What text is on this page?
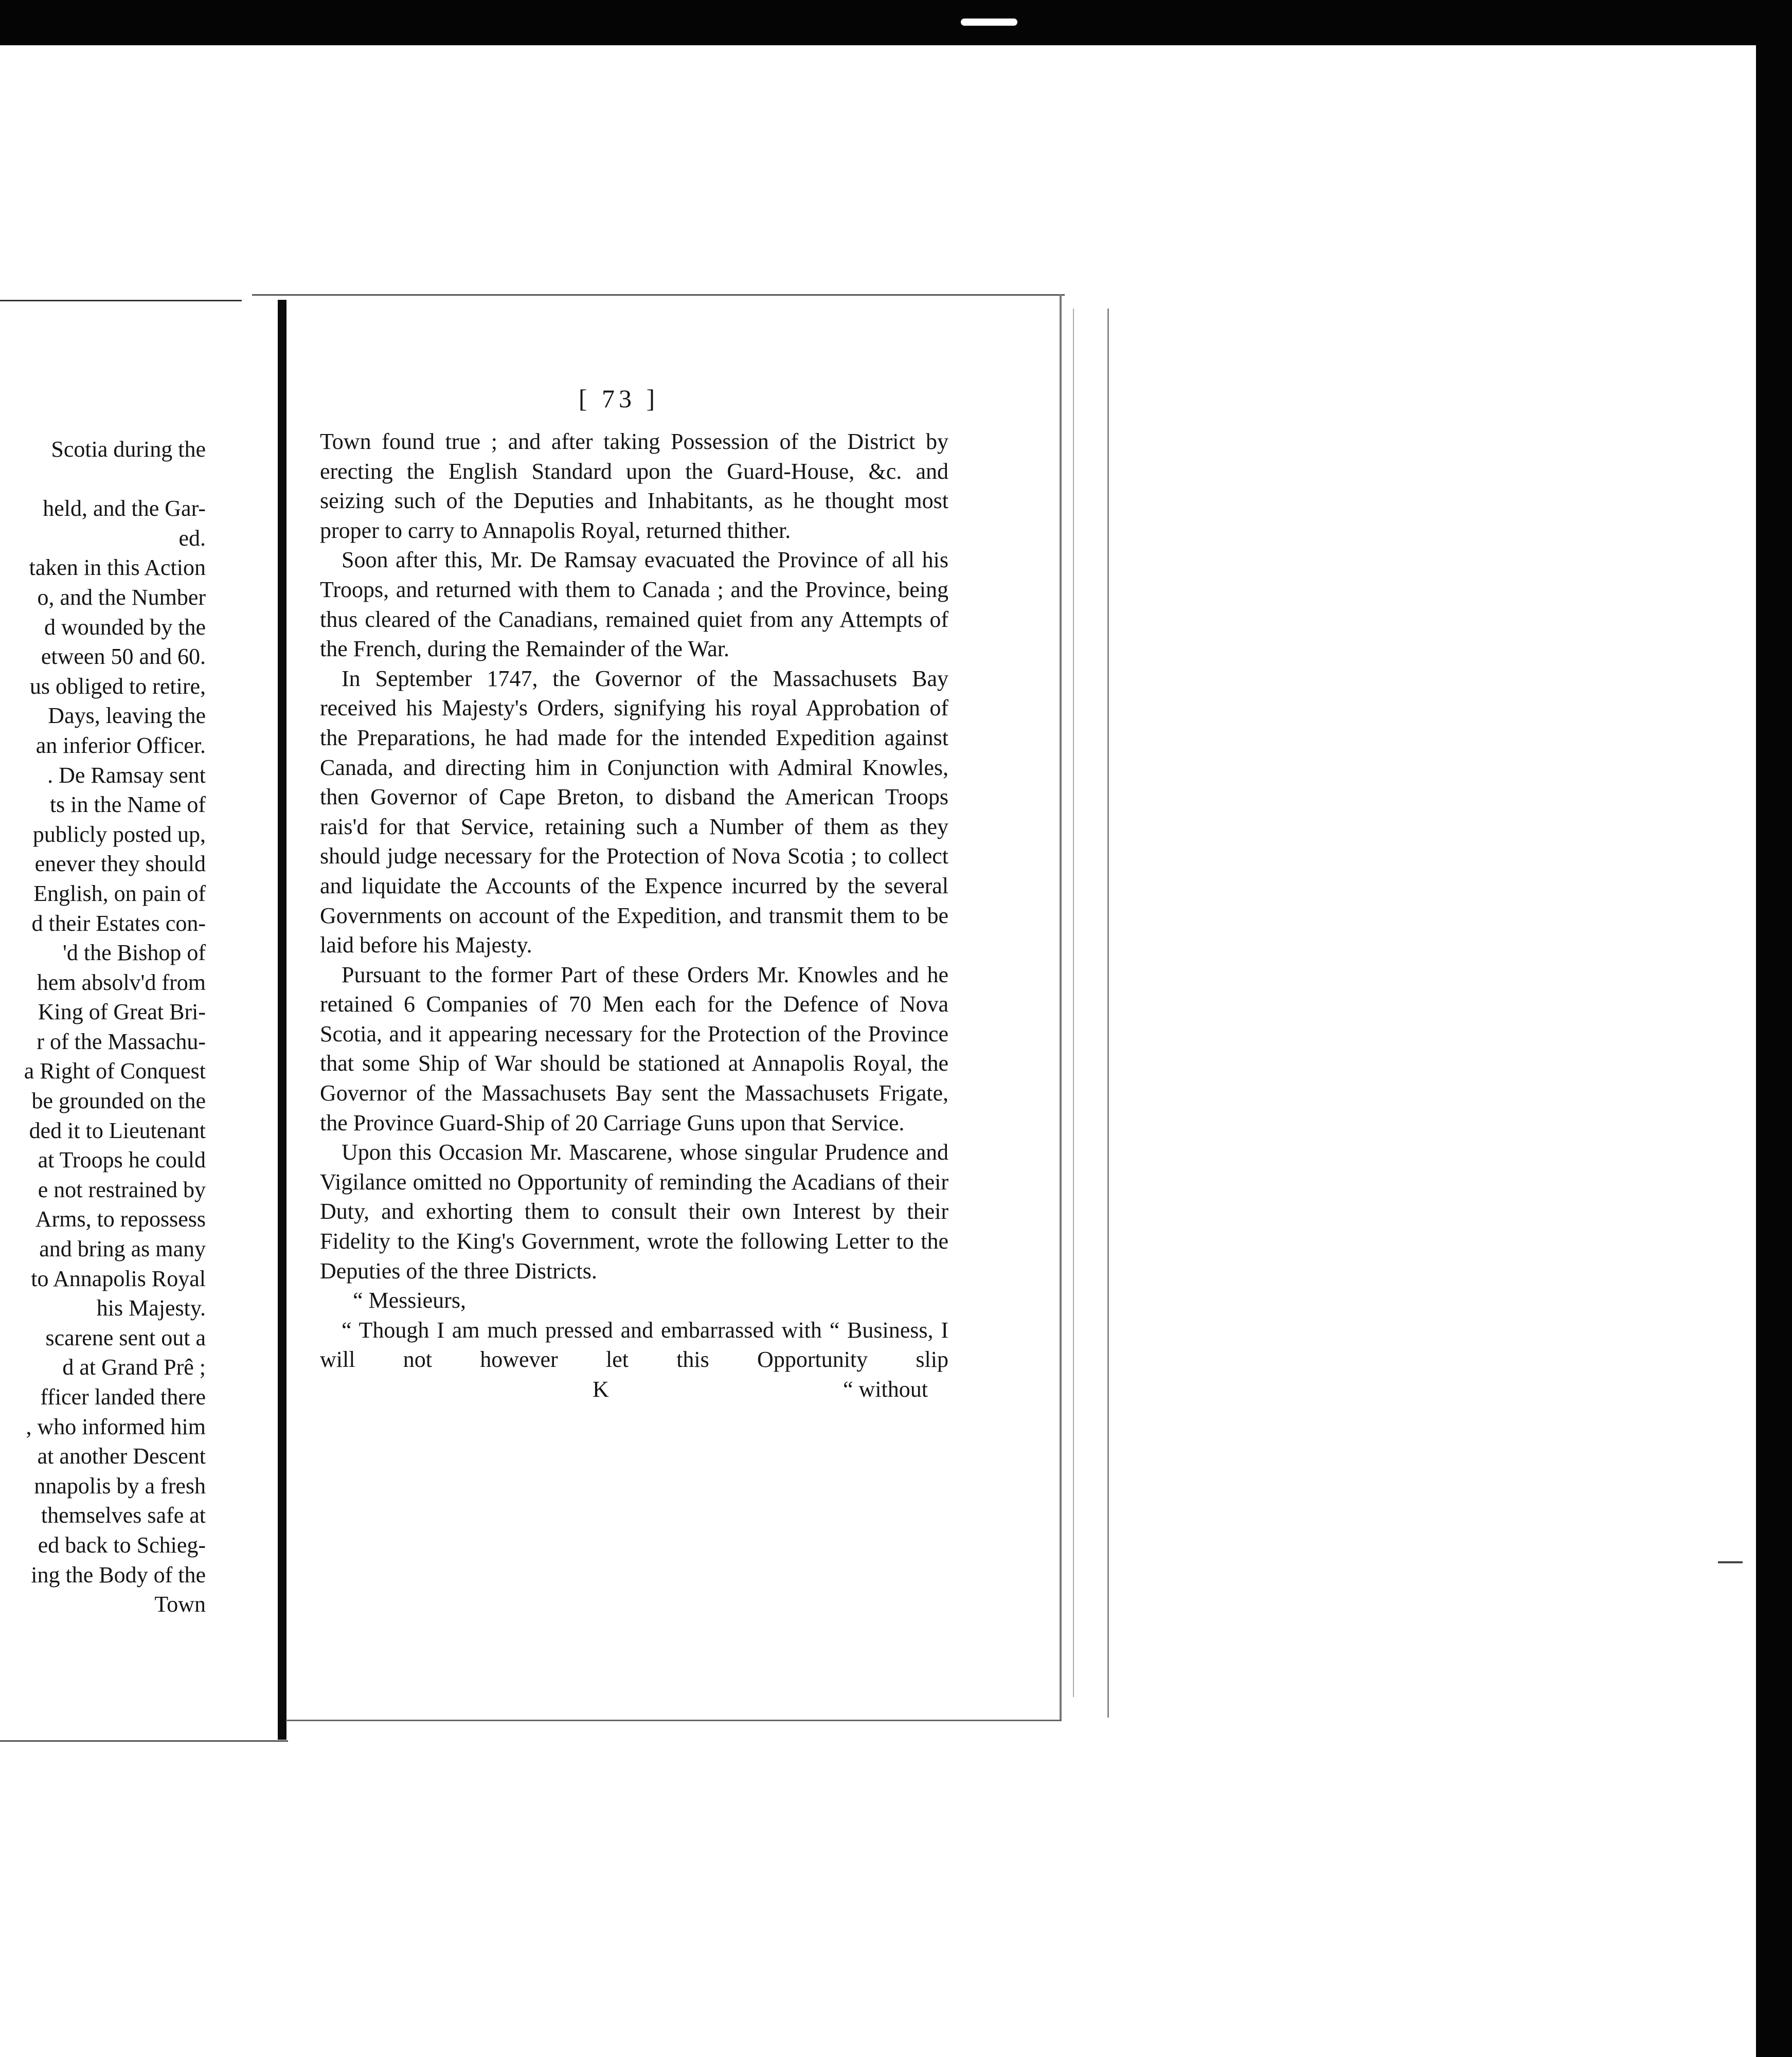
Scotia during the

held, and the Gar-

ed.

taken in this Action

o, and the Number

d wounded by the

etween 50 and 60.

us obliged to retire,

Days, leaving the

an inferior Officer.

. De Ramsay sent

ts in the Name of

publicly posted up,

enever they should

English, on pain of

d their Estates con-

'd the Bishop of

hem absolv'd from

King of Great Bri-

r of the Massachu-

a Right of Conquest

be grounded on the

ded it to Lieutenant

at Troops he could

e not restrained by

Arms, to repossess

and bring as many

to Annapolis Royal

his Majesty.

scarene sent out a

d at Grand Prê ;

fficer landed there

, who informed him

at another Descent

nnapolis by a fresh

themselves safe at

ed back to Schieg-

ing the Body of the

Town

[ 73 ]

Town found true ; and after taking Possession of the District by erecting the English Standard upon the Guard-House, &c. and seizing such of the Deputies and Inhabitants, as he thought most proper to carry to Annapolis Royal, returned thither.

Soon after this, Mr. De Ramsay evacuated the Province of all his Troops, and returned with them to Canada ; and the Province, being thus cleared of the Canadians, remained quiet from any Attempts of the French, during the Remainder of the War.

In September 1747, the Governor of the Massachusets Bay received his Majesty's Orders, signifying his royal Approbation of the Preparations, he had made for the intended Expedition against Canada, and directing him in Conjunction with Admiral Knowles, then Governor of Cape Breton, to disband the American Troops rais'd for that Service, retaining such a Number of them as they should judge necessary for the Protection of Nova Scotia ; to collect and liquidate the Accounts of the Expence incurred by the several Governments on account of the Expedition, and transmit them to be laid before his Majesty.

Pursuant to the former Part of these Orders Mr. Knowles and he retained 6 Companies of 70 Men each for the Defence of Nova Scotia, and it appearing necessary for the Protection of the Province that some Ship of War should be stationed at Annapolis Royal, the Governor of the Massachusets Bay sent the Massachusets Frigate, the Province Guard-Ship of 20 Carriage Guns upon that Service.

Upon this Occasion Mr. Mascarene, whose singular Prudence and Vigilance omitted no Opportunity of reminding the Acadians of their Duty, and exhorting them to consult their own Interest by their Fidelity to the King's Government, wrote the following Letter to the Deputies of the three Districts.

“ Messieurs,

“ Though I am much pressed and embarrassed with “ Business, I will not however let this Opportunity slip

K	“ without
